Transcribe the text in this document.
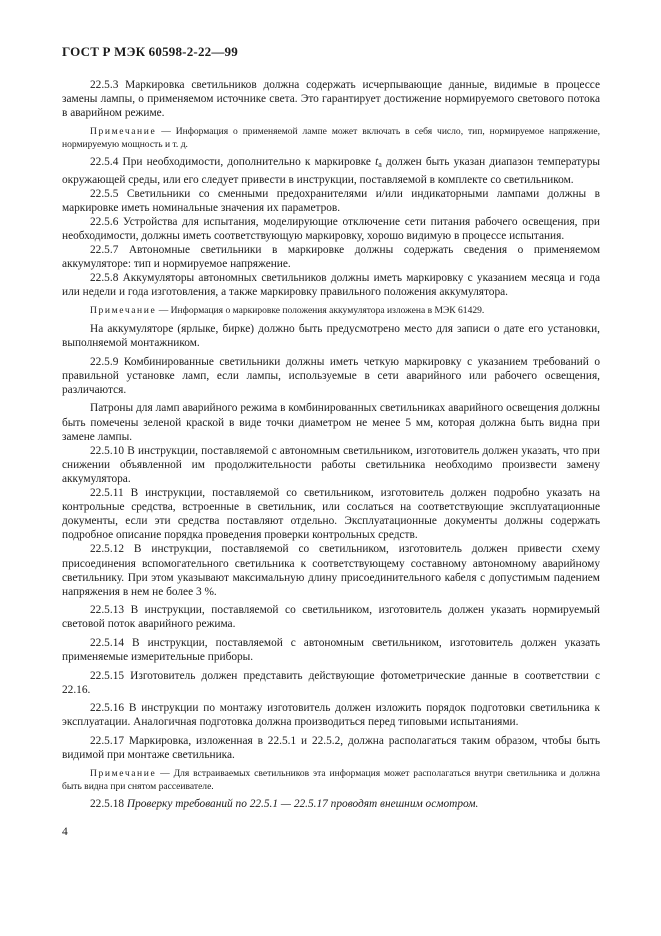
ГОСТ Р МЭК 60598-2-22—99

22.5.3 Маркировка светильников должна содержать исчерпывающие данные, видимые в процессе замены лампы, о применяемом источнике света. Это гарантирует достижение нормируемого светового потока в аварийном режиме.

Примечание — Информация о применяемой лампе может включать в себя число, тип, нормируемое напряжение, нормируемую мощность и т. д.

22.5.4 При необходимости, дополнительно к маркировке $t_a$ должен быть указан диапазон температуры окружающей среды, или его следует привести в инструкции, поставляемой в комплекте со светильником.

22.5.5 Светильники со сменными предохранителями и/или индикаторными лампами должны в маркировке иметь номинальные значения их параметров.

22.5.6 Устройства для испытания, моделирующие отключение сети питания рабочего освещения, при необходимости, должны иметь соответствующую маркировку, хорошо видимую в процессе испытания.

22.5.7 Автономные светильники в маркировке должны содержать сведения о применяемом аккумуляторе: тип и нормируемое напряжение.

22.5.8 Аккумуляторы автономных светильников должны иметь маркировку с указанием месяца и года или недели и года изготовления, а также маркировку правильного положения аккумулятора.

Примечание — Информация о маркировке положения аккумулятора изложена в МЭК 61429.

На аккумуляторе (ярлыке, бирке) должно быть предусмотрено место для записи о дате его установки, выполняемой монтажником.

22.5.9 Комбинированные светильники должны иметь четкую маркировку с указанием требований о правильной установке ламп, если лампы, используемые в сети аварийного или рабочего освещения, различаются.

Патроны для ламп аварийного режима в комбинированных светильниках аварийного освещения должны быть помечены зеленой краской в виде точки диаметром не менее 5 мм, которая должна быть видна при замене лампы.

22.5.10 В инструкции, поставляемой с автономным светильником, изготовитель должен указать, что при снижении объявленной им продолжительности работы светильника необходимо произвести замену аккумулятора.

22.5.11 В инструкции, поставляемой со светильником, изготовитель должен подробно указать на контрольные средства, встроенные в светильник, или сослаться на соответствующие эксплуатационные документы, если эти средства поставляют отдельно. Эксплуатационные документы должны содержать подробное описание порядка проведения проверки контрольных средств.

22.5.12 В инструкции, поставляемой со светильником, изготовитель должен привести схему присоединения вспомогательного светильника к соответствующему составному автономному аварийному светильнику. При этом указывают максимальную длину присоединительного кабеля с допустимым падением напряжения в нем не более 3 %.

22.5.13 В инструкции, поставляемой со светильником, изготовитель должен указать нормируемый световой поток аварийного режима.

22.5.14 В инструкции, поставляемой с автономным светильником, изготовитель должен указать применяемые измерительные приборы.

22.5.15 Изготовитель должен представить действующие фотометрические данные в соответствии с 22.16.

22.5.16 В инструкции по монтажу изготовитель должен изложить порядок подготовки светильника к эксплуатации. Аналогичная подготовка должна производиться перед типовыми испытаниями.

22.5.17 Маркировка, изложенная в 22.5.1 и 22.5.2, должна располагаться таким образом, чтобы быть видимой при монтаже светильника.

Примечание — Для встраиваемых светильников эта информация может располагаться внутри светильника и должна быть видна при снятом рассеивателе.

22.5.18 Проверку требований по 22.5.1 — 22.5.17 проводят внешним осмотром.

4
